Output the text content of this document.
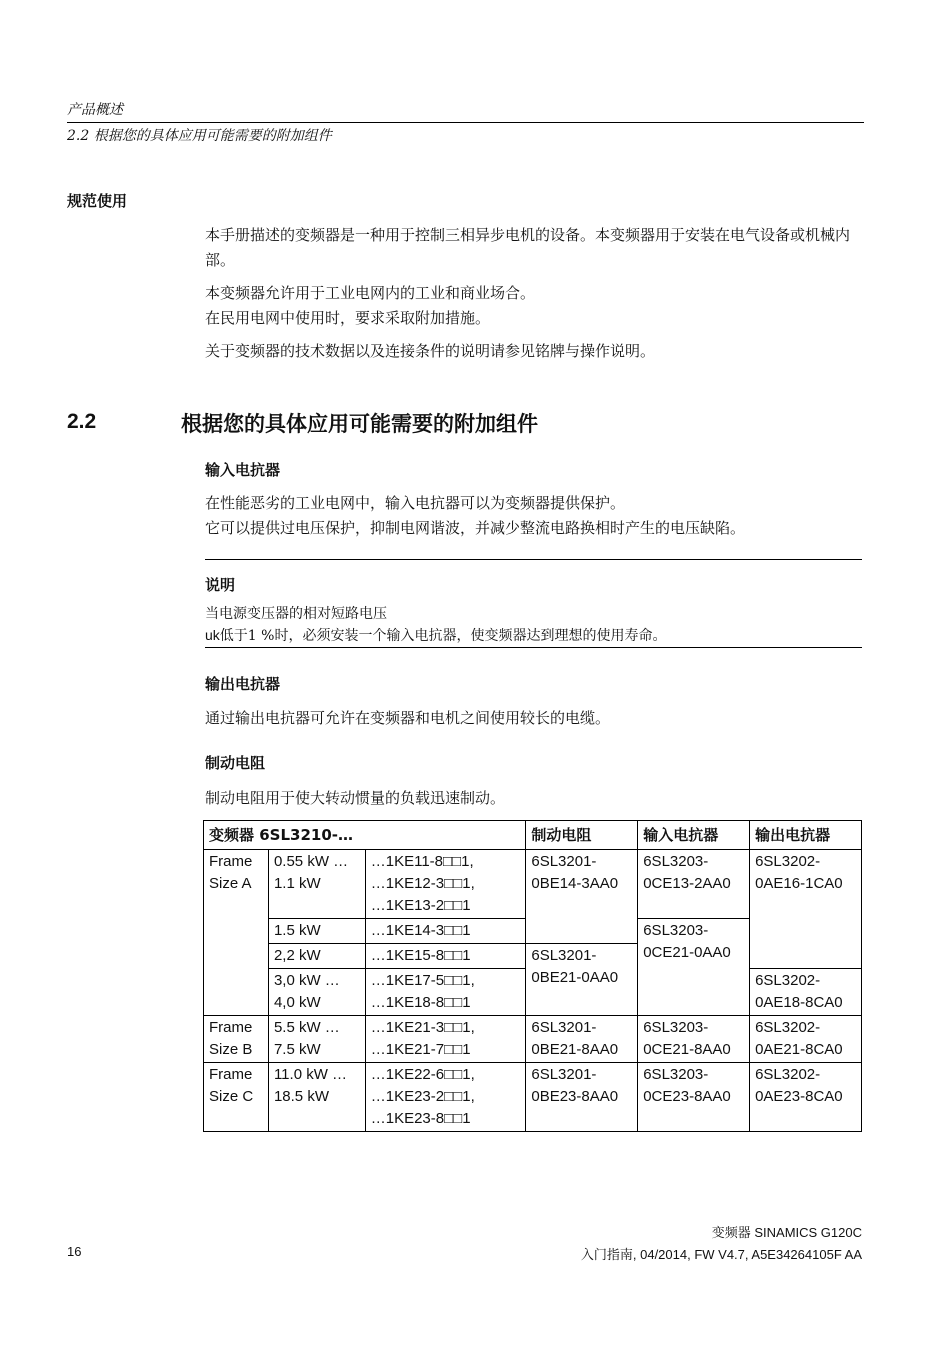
产品概述
2.2 根据您的具体应用可能需要的附加组件
规范使用

本手册描述的变频器是一种用于控制三相异步电机的设备。本变频器用于安装在电气设备或机械内部。

本变频器允许用于工业电网内的工业和商业场合。

在民用电网中使用时，要求采取附加措施。

关于变频器的技术数据以及连接条件的说明请参见铭牌与操作说明。

2.2	根据您的具体应用可能需要的附加组件
输入电抗器

在性能恶劣的工业电网中，输入电抗器可以为变频器提供保护。

它可以提供过电压保护，抑制电网谐波，并减少整流电路换相时产生的电压缺陷。

说明

当电源变压器的相对短路电压

uk低于1 %时，必须安装一个输入电抗器，使变频器达到理想的使用寿命。

输出电抗器
通过输出电抗器可允许在变频器和电机之间使用较长的电缆。
制动电阻
制动电阻用于使大转动惯量的负载迅速制动。
变频器 6SL3210-…			制动电阻	输入电抗器	输出电抗器
Frame
Size A	0.55 kW …
1.1 kW	…1KE11-8□□1,
…1KE12-3□□1,
…1KE13-2□□1	6SL3201-
0BE14-3AA0	6SL3203-
0CE13-2AA0	6SL3202-
0AE16-1CA0
	1.5 kW	…1KE14-3□□1		6SL3203-
0CE21-0AA0	
	2,2 kW	…1KE15-8□□1	6SL3201-
0BE21-0AA0		
	3,0 kW …
4,0 kW	…1KE17-5□□1,
…1KE18-8□□1			6SL3202-
0AE18-8CA0
Frame
Size B	5.5 kW …
7.5 kW	…1KE21-3□□1,
…1KE21-7□□1	6SL3201-
0BE21-8AA0	6SL3203-
0CE21-8AA0	6SL3202-
0AE21-8CA0
Frame
Size C	11.0 kW …
18.5 kW	…1KE22-6□□1,
…1KE23-2□□1,
…1KE23-8□□1	6SL3201-
0BE23-8AA0	6SL3203-
0CE23-8AA0	6SL3202-
0AE23-8CA0
变频器 SINAMICS G120C
16	入门指南, 04/2014, FW V4.7, A5E34264105F AA
